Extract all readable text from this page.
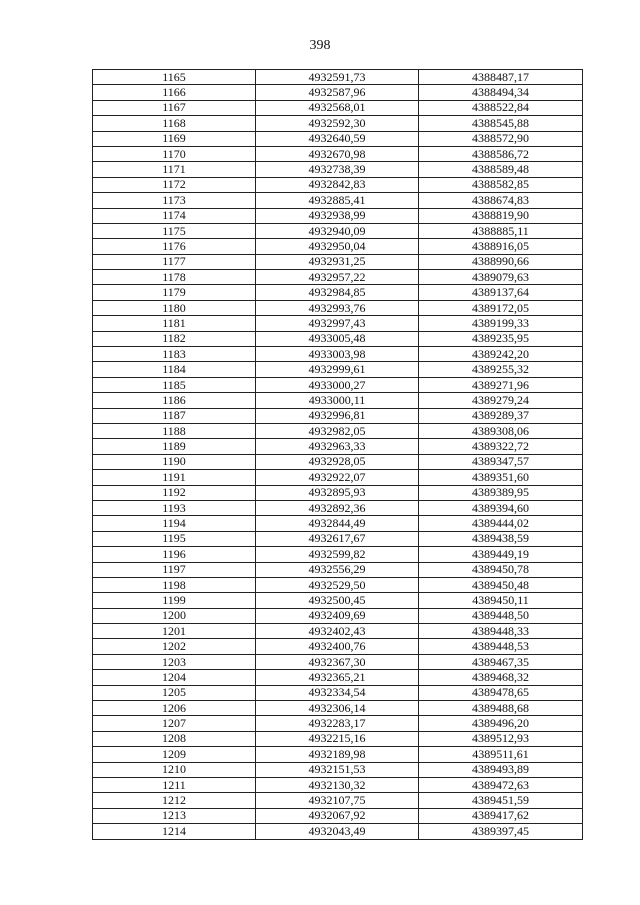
398
1165	4932591,73	4388487,17
1166	4932587,96	4388494,34
1167	4932568,01	4388522,84
1168	4932592,30	4388545,88
1169	4932640,59	4388572,90
1170	4932670,98	4388586,72
1171	4932738,39	4388589,48
1172	4932842,83	4388582,85
1173	4932885,41	4388674,83
1174	4932938,99	4388819,90
1175	4932940,09	4388885,11
1176	4932950,04	4388916,05
1177	4932931,25	4388990,66
1178	4932957,22	4389079,63
1179	4932984,85	4389137,64
1180	4932993,76	4389172,05
1181	4932997,43	4389199,33
1182	4933005,48	4389235,95
1183	4933003,98	4389242,20
1184	4932999,61	4389255,32
1185	4933000,27	4389271,96
1186	4933000,11	4389279,24
1187	4932996,81	4389289,37
1188	4932982,05	4389308,06
1189	4932963,33	4389322,72
1190	4932928,05	4389347,57
1191	4932922,07	4389351,60
1192	4932895,93	4389389,95
1193	4932892,36	4389394,60
1194	4932844,49	4389444,02
1195	4932617,67	4389438,59
1196	4932599,82	4389449,19
1197	4932556,29	4389450,78
1198	4932529,50	4389450,48
1199	4932500,45	4389450,11
1200	4932409,69	4389448,50
1201	4932402,43	4389448,33
1202	4932400,76	4389448,53
1203	4932367,30	4389467,35
1204	4932365,21	4389468,32
1205	4932334,54	4389478,65
1206	4932306,14	4389488,68
1207	4932283,17	4389496,20
1208	4932215,16	4389512,93
1209	4932189,98	4389511,61
1210	4932151,53	4389493,89
1211	4932130,32	4389472,63
1212	4932107,75	4389451,59
1213	4932067,92	4389417,62
1214	4932043,49	4389397,45
